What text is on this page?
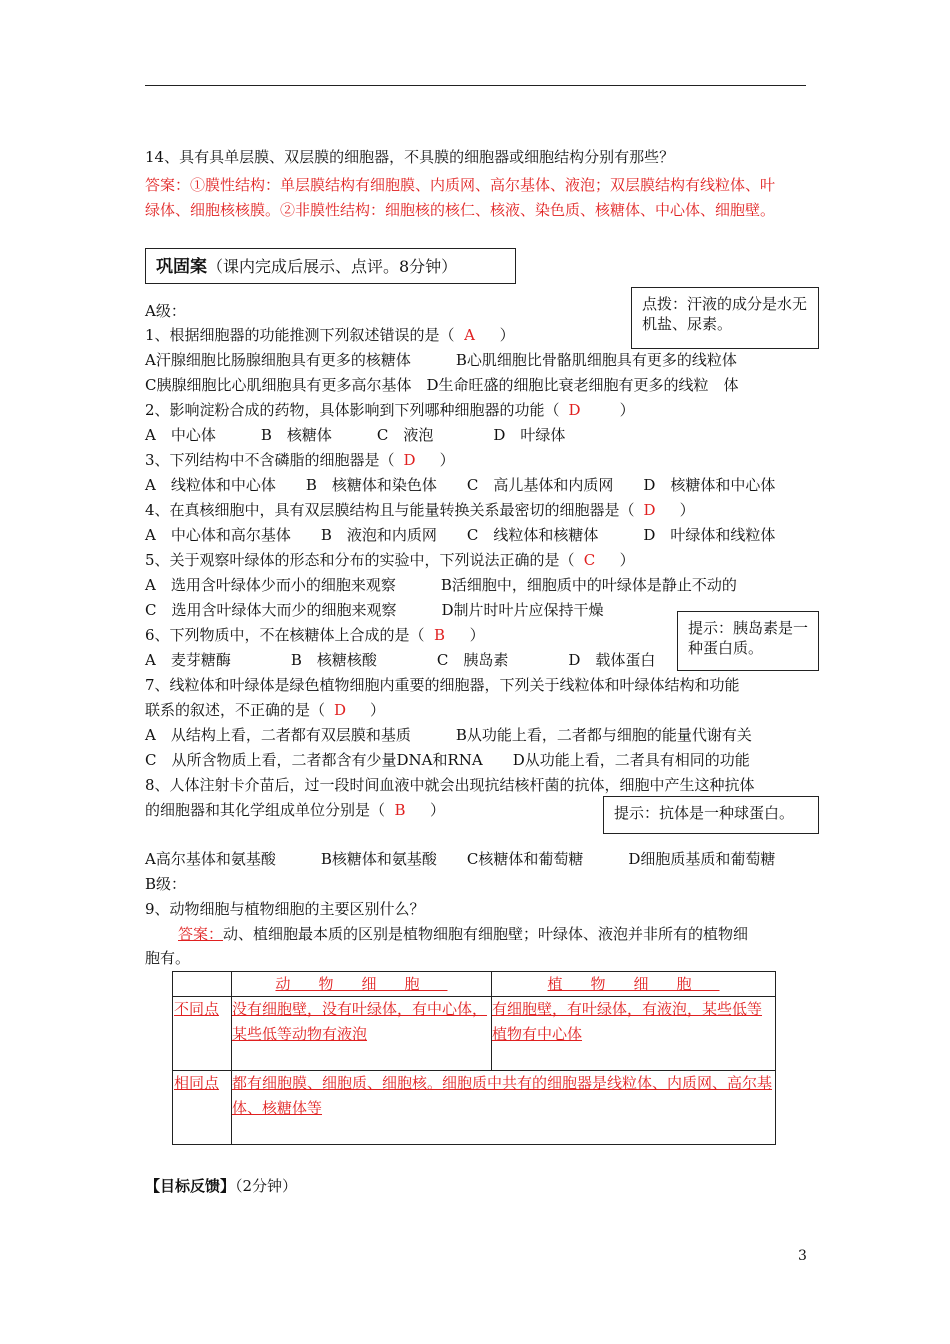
14、具有具单层膜、双层膜的细胞器，不具膜的细胞器或细胞结构分别有那些？
答案：①膜性结构：单层膜结构有细胞膜、内质网、高尔基体、液泡；双层膜结构有线粒体、叶
绿体、细胞核核膜。②非膜性结构：细胞核的核仁、核液、染色质、核糖体、中心体、细胞壁。
巩固案（课内完成后展示、点评。8分钟）
点拨：汗液的成分是水无机盐、尿素。
A级：
1、根据细胞器的功能推测下列叙述错误的是（ A　 ）
A汗腺细胞比肠腺细胞具有更多的核糖体　　　B心肌细胞比骨骼肌细胞具有更多的线粒体
C胰腺细胞比心肌细胞具有更多高尔基体　D生命旺盛的细胞比衰老细胞有更多的线粒　体
2、影响淀粉合成的药物，具体影响到下列哪种细胞器的功能（ D　　	）
A　中心体　　　B　核糖体　　　C　液泡　　　　D　叶绿体
3、下列结构中不含磷脂的细胞器是（ D　 ）
A　线粒体和中心体　　B　核糖体和染色体　　C　高儿基体和内质网　　D　核糖体和中心体
4、在真核细胞中，具有双层膜结构且与能量转换关系最密切的细胞器是（ D　 ）
A　中心体和高尔基体　　B　液泡和内质网　　C　线粒体和核糖体　　　D　叶绿体和线粒体
5、关于观察叶绿体的形态和分布的实验中，下列说法正确的是（ C　 ）
A　选用含叶绿体少而小的细胞来观察　　　B活细胞中，细胞质中的叶绿体是静止不动的
C　选用含叶绿体大而少的细胞来观察　　　D制片时叶片应保持干燥
提示：胰岛素是一种蛋白质。
6、下列物质中，不在核糖体上合成的是（ B　 ）
A　麦芽糖酶　　　　B　核糖核酸　　　　C　胰岛素　　　　D　载体蛋白
7、线粒体和叶绿体是绿色植物细胞内重要的细胞器，下列关于线粒体和叶绿体结构和功能
联系的叙述，不正确的是（ D　 ）
A　从结构上看，二者都有双层膜和基质　　　B从功能上看，二者都与细胞的能量代谢有关
C　从所含物质上看，二者都含有少量DNA和RNA　　D从功能上看，二者具有相同的功能
8、人体注射卡介苗后，过一段时间血液中就会出现抗结核杆菌的抗体，细胞中产生这种抗体
的细胞器和其化学组成单位分别是（ B　 ）	提示：抗体是一种球蛋白。
A高尔基体和氨基酸　　　B核糖体和氨基酸　　C核糖体和葡萄糖　　　D细胞质基质和葡萄糖
B级：
9、动物细胞与植物细胞的主要区别什么？
答案：动、植细胞最本质的区别是植物细胞有细胞壁；叶绿体、液泡并非所有的植物细
胞有。
	动物细胞	植物细胞
不同点	没有细胞壁，没有叶绿体，有中心体，某些低等动物有液泡	有细胞壁，有叶绿体，有液泡，某些低等植物有中心体
相同点	都有细胞膜、细胞质、细胞核。细胞质中共有的细胞器是线粒体、内质网、高尔基体、核糖体等	
【目标反馈】（2分钟）
3
